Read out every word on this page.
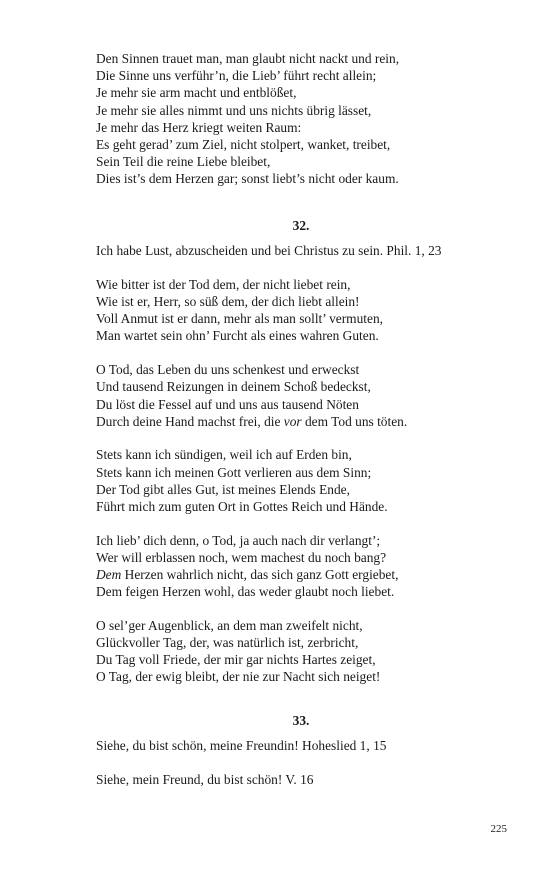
Den Sinnen trauet man, man glaubt nicht nackt und rein,
Die Sinne uns verführ’n, die Lieb’ führt recht allein;
Je mehr sie arm macht und entblößet,
Je mehr sie alles nimmt und uns nichts übrig lässet,
Je mehr das Herz kriegt weiten Raum:
Es geht gerad’ zum Ziel, nicht stolpert, wanket, treibet,
Sein Teil die reine Liebe bleibet,
Dies ist’s dem Herzen gar; sonst liebt’s nicht oder kaum.
32.
Ich habe Lust, abzuscheiden und bei Christus zu sein. Phil. 1, 23
Wie bitter ist der Tod dem, der nicht liebet rein,
Wie ist er, Herr, so süß dem, der dich liebt allein!
Voll Anmut ist er dann, mehr als man sollt’ vermuten,
Man wartet sein ohn’ Furcht als eines wahren Guten.
O Tod, das Leben du uns schenkest und erweckst
Und tausend Reizungen in deinem Schoß bedeckst,
Du löst die Fessel auf und uns aus tausend Nöten
Durch deine Hand machst frei, die vor dem Tod uns töten.
Stets kann ich sündigen, weil ich auf Erden bin,
Stets kann ich meinen Gott verlieren aus dem Sinn;
Der Tod gibt alles Gut, ist meines Elends Ende,
Führt mich zum guten Ort in Gottes Reich und Hände.
Ich lieb’ dich denn, o Tod, ja auch nach dir verlangt’;
Wer will erblassen noch, wem machest du noch bang?
Dem Herzen wahrlich nicht, das sich ganz Gott ergiebet,
Dem feigen Herzen wohl, das weder glaubt noch liebet.
O sel’ger Augenblick, an dem man zweifelt nicht,
Glückvoller Tag, der, was natürlich ist, zerbricht,
Du Tag voll Friede, der mir gar nichts Hartes zeiget,
O Tag, der ewig bleibt, der nie zur Nacht sich neiget!
33.
Siehe, du bist schön, meine Freundin! Hoheslied 1, 15
Siehe, mein Freund, du bist schön! V. 16
225
